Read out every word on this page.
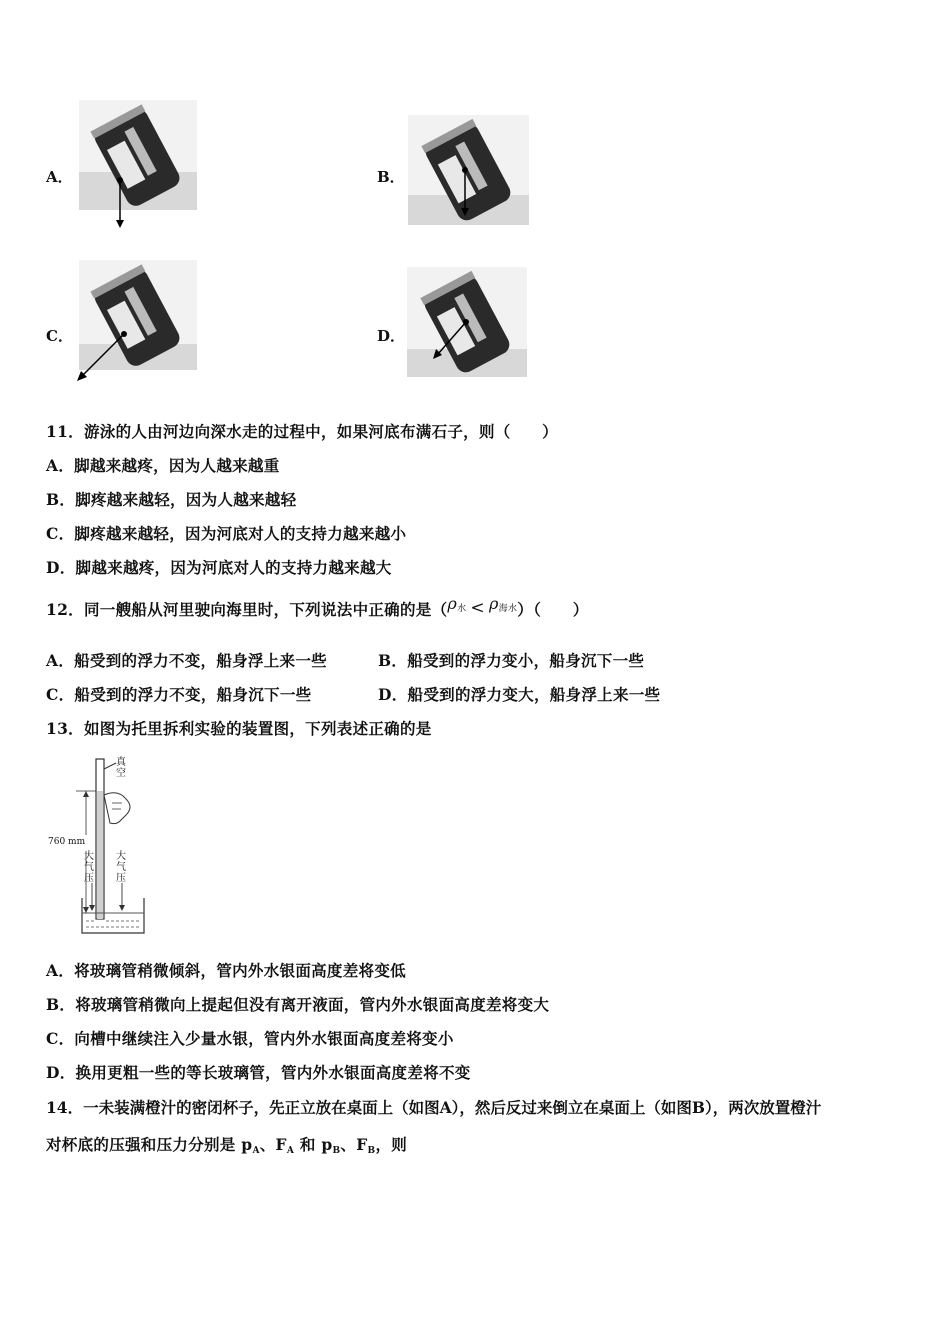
A．	B．
C．	D．
11．游泳的人由河边向深水走的过程中，如果河底布满石子，则（　　）
A．脚越来越疼，因为人越来越重
B．脚疼越来越轻，因为人越来越轻
C．脚疼越来越轻，因为河底对人的支持力越来越小
D．脚越来越疼，因为河底对人的支持力越来越大
12．同一艘船从河里驶向海里时，下列说法中正确的是$(\rho^水 < \rho^{海水})$（　　）
A．船受到的浮力不变，船身浮上来一些	B．船受到的浮力变小，船身沉下一些
C．船受到的浮力不变，船身沉下一些	D．船受到的浮力变大，船身浮上来一些
13．如图为托里拆利实验的装置图，下列表述正确的是
真空
760 mm
大气压
大气压
A．将玻璃管稍微倾斜，管内外水银面高度差将变低
B．将玻璃管稍微向上提起但没有离开液面，管内外水银面高度差将变大
C．向槽中继续注入少量水银，管内外水银面高度差将变小
D．换用更粗一些的等长玻璃管，管内外水银面高度差将不变
14．一未装满橙汁的密闭杯子，先正立放在桌面上（如图A），然后反过来倒立在桌面上（如图B），两次放置橙汁
对杯底的压强和压力分别是 pA、FA 和 pB、FB，则
